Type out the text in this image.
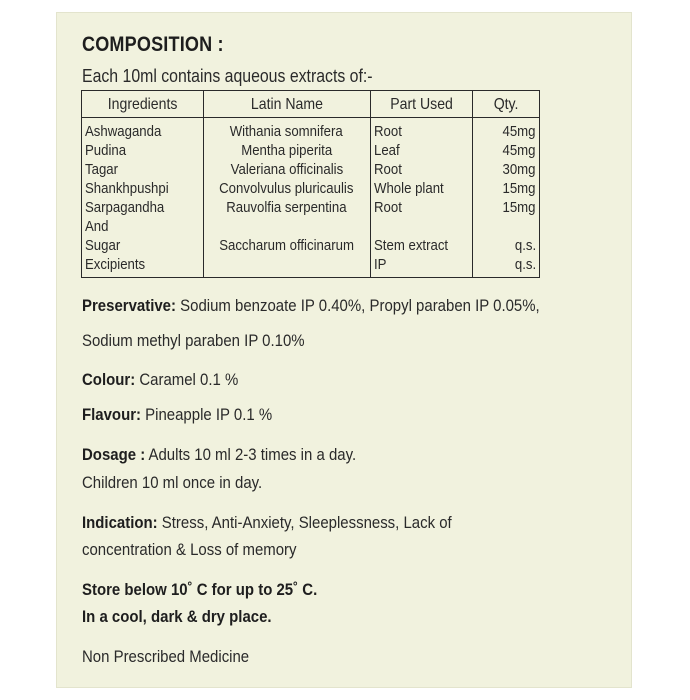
COMPOSITION :
Each 10ml contains aqueous extracts of:-
Ingredients	Latin Name	Part Used	Qty.
Ashwaganda	Withania somnifera	Root	45mg
Pudina	Mentha piperita	Leaf	45mg
Tagar	Valeriana officinalis	Root	30mg
Shankhpushpi	Convolvulus pluricaulis	Whole plant	15mg
Sarpagandha	Rauvolfia serpentina	Root	15mg
And			
Sugar	Saccharum officinarum	Stem extract	q.s.
Excipients		IP	q.s.
Preservative: Sodium benzoate IP 0.40%, Propyl paraben IP 0.05%,
Sodium methyl paraben IP 0.10%
Colour: Caramel 0.1 %
Flavour: Pineapple IP 0.1 %
Dosage : Adults 10 ml 2-3 times in a day.
Children 10 ml once in day.
Indication: Stress, Anti-Anxiety, Sleeplessness, Lack of
concentration & Loss of memory
Store below 10˚ C for up to 25˚ C.
In a cool, dark & dry place.
Non Prescribed Medicine
